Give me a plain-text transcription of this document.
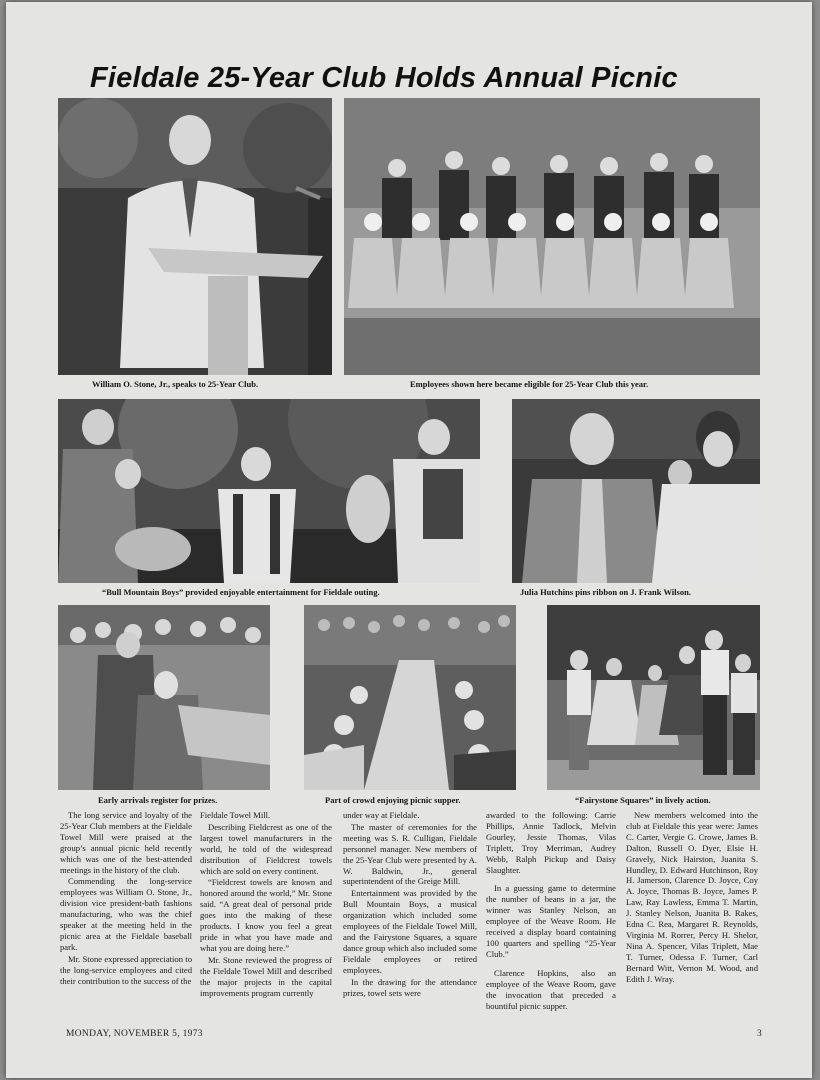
Fieldale 25-Year Club Holds Annual Picnic
William O. Stone, Jr., speaks to 25-Year Club.	Employees shown here became eligible for 25-Year Club this year.
“Bull Mountain Boys” provided enjoyable entertainment for Fieldale outing.	Julia Hutchins pins ribbon on J. Frank Wilson.
Early arrivals register for prizes.	Part of crowd enjoying picnic supper.	“Fairystone Squares” in lively action.

The long service and loyalty of the 25-Year Club members at the Fieldale Towel Mill were praised at the group’s annual picnic held recently which was one of the best-attended meetings in the history of the club.

Commending the long-service employees was William O. Stone, Jr., division vice president-bath fashions manufacturing, who was the chief speaker at the meeting held in the picnic area at the Fieldale baseball park.

Mr. Stone expressed appreciation to the long-service employees and cited their contribution to the success of the

Fieldale Towel Mill.

Describing Fieldcrest as one of the largest towel manufacturers in the world, he told of the widespread distribution of Fieldcrest towels which are sold on every continent.

“Fieldcrest towels are known and honored around the world,” Mr. Stone said. “A great deal of personal pride goes into the making of these products. I know you feel a great pride in what you have made and what you are doing here.”

Mr. Stone reviewed the progress of the Fieldale Towel Mill and described the major projects in the capital improvements program currently

under way at Fieldale.

The master of ceremonies for the meeting was S. R. Culligan, Fieldale personnel manager. New members of the 25-Year Club were presented by A. W. Baldwin, Jr., general superintendent of the Greige Mill.

Entertainment was provided by the Bull Mountain Boys, a musical organization which included some employees of the Fieldale Towel Mill, and the Fairystone Squares, a square dance group which also included some Fieldale employees or retired employees.

In the drawing for the attendance prizes, towel sets were

awarded to the following: Carrie Phillips, Annie Tadlock, Melvin Gourley, Jessie Thomas, Vilas Triplett, Troy Merriman, Audrey Webb, Ralph Pickup and Daisy Slaughter.

In a guessing game to determine the number of beans in a jar, the winner was Stanley Nelson, an employee of the Weave Room. He received a display board containing 100 quarters and spelling “25-Year Club.”

Clarence Hopkins, also an employee of the Weave Room, gave the invocation that preceded a bountiful picnic supper.

New members welcomed into the club at Fieldale this year were: James C. Carter, Vergie G. Crowe, James B. Dalton, Russell O. Dyer, Elsie H. Gravely, Nick Hairston, Juanita S. Hundley, D. Edward Hutchinson, Roy H. Jamerson, Clarence D. Joyce, Coy A. Joyce, Thomas B. Joyce, James P. Law, Ray Lawless, Emma T. Martin, J. Stanley Nelson, Juanita B. Rakes, Edna C. Rea, Margaret R. Reynolds, Virginia M. Rorrer, Percy H. Shelor, Nina A. Spencer, Vilas Triplett, Mae T. Turner, Odessa F. Turner, Carl Bernard Witt, Vernon M. Wood, and Edith J. Wray.

MONDAY, NOVEMBER 5, 1973	3
